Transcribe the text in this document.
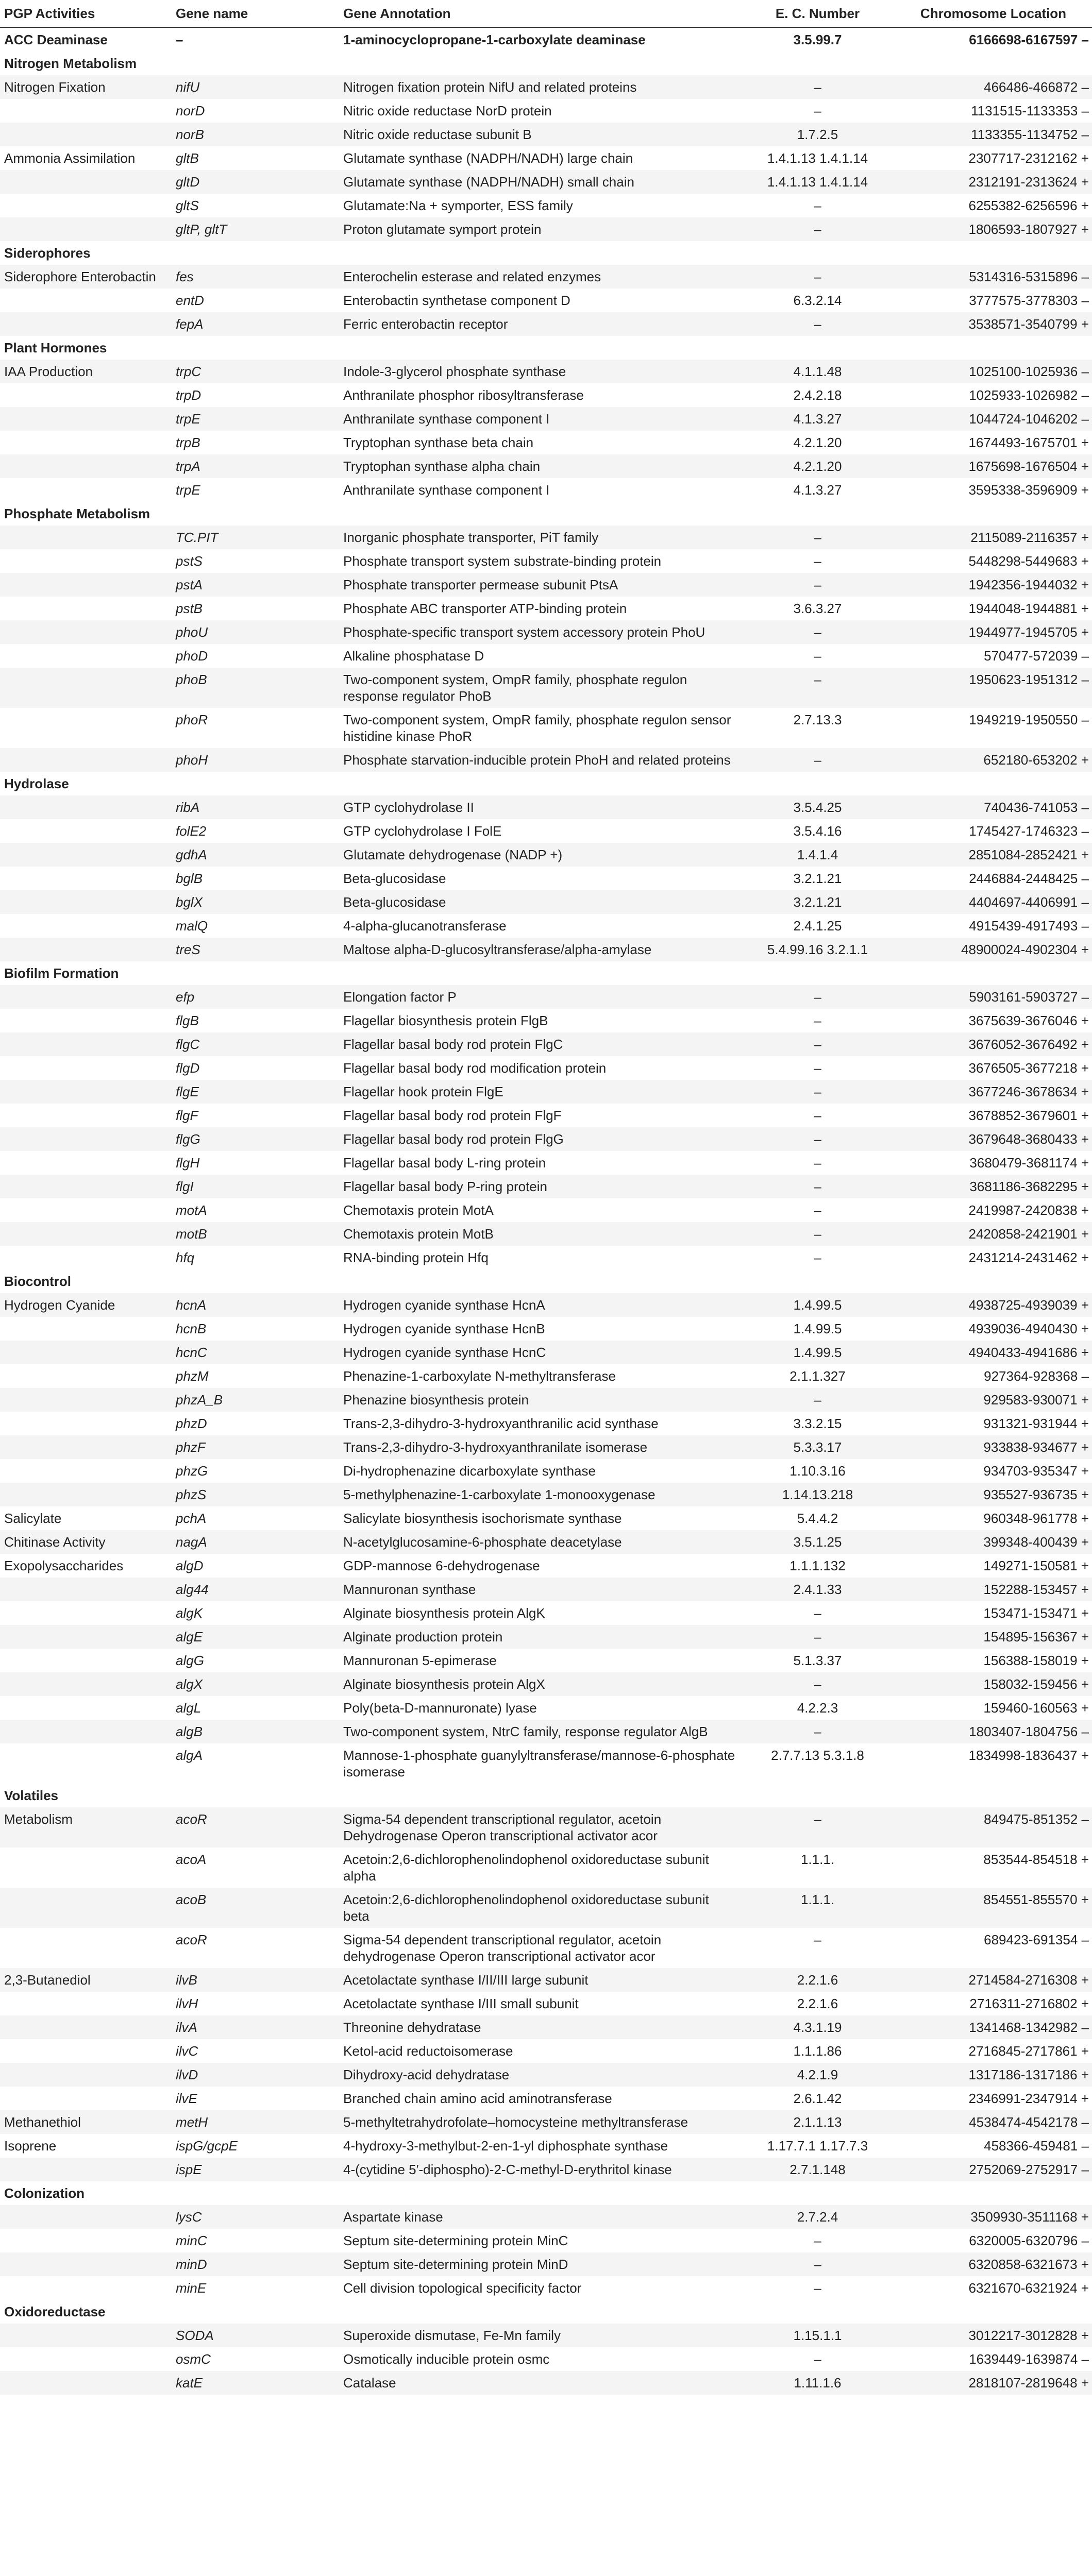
PGP Activities	Gene name	Gene Annotation	E. C. Number	Chromosome Location
ACC Deaminase	–	1-aminocyclopropane-1-carboxylate deaminase	3.5.99.7	6166698-6167597 –
Nitrogen Metabolism				
Nitrogen Fixation	nifU	Nitrogen fixation protein NifU and related proteins	–	466486-466872 –
	norD	Nitric oxide reductase NorD protein	–	1131515-1133353 –
	norB	Nitric oxide reductase subunit B	1.7.2.5	1133355-1134752 –
Ammonia Assimilation	gltB	Glutamate synthase (NADPH/NADH) large chain	1.4.1.13 1.4.1.14	2307717-2312162 +
	gltD	Glutamate synthase (NADPH/NADH) small chain	1.4.1.13 1.4.1.14	2312191-2313624 +
	gltS	Glutamate:Na + symporter, ESS family	–	6255382-6256596 +
	gltP, gltT	Proton glutamate symport protein	–	1806593-1807927 +
Siderophores				
Siderophore Enterobactin	fes	Enterochelin esterase and related enzymes	–	5314316-5315896 –
	entD	Enterobactin synthetase component D	6.3.2.14	3777575-3778303 –
	fepA	Ferric enterobactin receptor	–	3538571-3540799 +
Plant Hormones				
IAA Production	trpC	Indole-3-glycerol phosphate synthase	4.1.1.48	1025100-1025936 –
	trpD	Anthranilate phosphor ribosyltransferase	2.4.2.18	1025933-1026982 –
	trpE	Anthranilate synthase component I	4.1.3.27	1044724-1046202 –
	trpB	Tryptophan synthase beta chain	4.2.1.20	1674493-1675701 +
	trpA	Tryptophan synthase alpha chain	4.2.1.20	1675698-1676504 +
	trpE	Anthranilate synthase component I	4.1.3.27	3595338-3596909 +
Phosphate Metabolism				
	TC.PIT	Inorganic phosphate transporter, PiT family	–	2115089-2116357 +
	pstS	Phosphate transport system substrate-binding protein	–	5448298-5449683 +
	pstA	Phosphate transporter permease subunit PtsA	–	1942356-1944032 +
	pstB	Phosphate ABC transporter ATP-binding protein	3.6.3.27	1944048-1944881 +
	phoU	Phosphate-specific transport system accessory protein PhoU	–	1944977-1945705 +
	phoD	Alkaline phosphatase D	–	570477-572039 –
	phoB	Two-component system, OmpR family, phosphate regulon response regulator PhoB	–	1950623-1951312 –
	phoR	Two-component system, OmpR family, phosphate regulon sensor histidine kinase PhoR	2.7.13.3	1949219-1950550 –
	phoH	Phosphate starvation-inducible protein PhoH and related proteins	–	652180-653202 +
Hydrolase				
	ribA	GTP cyclohydrolase II	3.5.4.25	740436-741053 –
	folE2	GTP cyclohydrolase I FolE	3.5.4.16	1745427-1746323 –
	gdhA	Glutamate dehydrogenase (NADP +)	1.4.1.4	2851084-2852421 +
	bglB	Beta-glucosidase	3.2.1.21	2446884-2448425 –
	bglX	Beta-glucosidase	3.2.1.21	4404697-4406991 –
	malQ	4-alpha-glucanotransferase	2.4.1.25	4915439-4917493 –
	treS	Maltose alpha-D-glucosyltransferase/alpha-amylase	5.4.99.16 3.2.1.1	48900024-4902304 +
Biofilm Formation				
	efp	Elongation factor P	–	5903161-5903727 –
	flgB	Flagellar biosynthesis protein FlgB	–	3675639-3676046 +
	flgC	Flagellar basal body rod protein FlgC	–	3676052-3676492 +
	flgD	Flagellar basal body rod modification protein	–	3676505-3677218 +
	flgE	Flagellar hook protein FlgE	–	3677246-3678634 +
	flgF	Flagellar basal body rod protein FlgF	–	3678852-3679601 +
	flgG	Flagellar basal body rod protein FlgG	–	3679648-3680433 +
	flgH	Flagellar basal body L-ring protein	–	3680479-3681174 +
	flgI	Flagellar basal body P-ring protein	–	3681186-3682295 +
	motA	Chemotaxis protein MotA	–	2419987-2420838 +
	motB	Chemotaxis protein MotB	–	2420858-2421901 +
	hfq	RNA-binding protein Hfq	–	2431214-2431462 +
Biocontrol				
Hydrogen Cyanide	hcnA	Hydrogen cyanide synthase HcnA	1.4.99.5	4938725-4939039 +
	hcnB	Hydrogen cyanide synthase HcnB	1.4.99.5	4939036-4940430 +
	hcnC	Hydrogen cyanide synthase HcnC	1.4.99.5	4940433-4941686 +
	phzM	Phenazine-1-carboxylate N-methyltransferase	2.1.1.327	927364-928368 –
	phzA_B	Phenazine biosynthesis protein	–	929583-930071 +
	phzD	Trans-2,3-dihydro-3-hydroxyanthranilic acid synthase	3.3.2.15	931321-931944 +
	phzF	Trans-2,3-dihydro-3-hydroxyanthranilate isomerase	5.3.3.17	933838-934677 +
	phzG	Di-hydrophenazine dicarboxylate synthase	1.10.3.16	934703-935347 +
	phzS	5-methylphenazine-1-carboxylate 1-monooxygenase	1.14.13.218	935527-936735 +
Salicylate	pchA	Salicylate biosynthesis isochorismate synthase	5.4.4.2	960348-961778 +
Chitinase Activity	nagA	N-acetylglucosamine-6-phosphate deacetylase	3.5.1.25	399348-400439 +
Exopolysaccharides	algD	GDP-mannose 6-dehydrogenase	1.1.1.132	149271-150581 +
	alg44	Mannuronan synthase	2.4.1.33	152288-153457 +
	algK	Alginate biosynthesis protein AlgK	–	153471-153471 +
	algE	Alginate production protein	–	154895-156367 +
	algG	Mannuronan 5-epimerase	5.1.3.37	156388-158019 +
	algX	Alginate biosynthesis protein AlgX	–	158032-159456 +
	algL	Poly(beta-D-mannuronate) lyase	4.2.2.3	159460-160563 +
	algB	Two-component system, NtrC family, response regulator AlgB	–	1803407-1804756 –
	algA	Mannose-1-phosphate guanylyltransferase/mannose-6-phosphate isomerase	2.7.7.13 5.3.1.8	1834998-1836437 +
Volatiles				
Metabolism	acoR	Sigma-54 dependent transcriptional regulator, acetoin Dehydrogenase Operon transcriptional activator acor	–	849475-851352 –
	acoA	Acetoin:2,6-dichlorophenolindophenol oxidoreductase subunit alpha	1.1.1.	853544-854518 +
	acoB	Acetoin:2,6-dichlorophenolindophenol oxidoreductase subunit beta	1.1.1.	854551-855570 +
	acoR	Sigma-54 dependent transcriptional regulator, acetoin dehydrogenase Operon transcriptional activator acor	–	689423-691354 –
2,3-Butanediol	ilvB	Acetolactate synthase I/II/III large subunit	2.2.1.6	2714584-2716308 +
	ilvH	Acetolactate synthase I/III small subunit	2.2.1.6	2716311-2716802 +
	ilvA	Threonine dehydratase	4.3.1.19	1341468-1342982 –
	ilvC	Ketol-acid reductoisomerase	1.1.1.86	2716845-2717861 +
	ilvD	Dihydroxy-acid dehydratase	4.2.1.9	1317186-1317186 +
	ilvE	Branched chain amino acid aminotransferase	2.6.1.42	2346991-2347914 +
Methanethiol	metH	5-methyltetrahydrofolate–homocysteine methyltransferase	2.1.1.13	4538474-4542178 –
Isoprene	ispG/gcpE	4-hydroxy-3-methylbut-2-en-1-yl diphosphate synthase	1.17.7.1 1.17.7.3	458366-459481 –
	ispE	4-(cytidine 5′-diphospho)-2-C-methyl-D-erythritol kinase	2.7.1.148	2752069-2752917 –
Colonization				
	lysC	Aspartate kinase	2.7.2.4	3509930-3511168 +
	minC	Septum site-determining protein MinC	–	6320005-6320796 –
	minD	Septum site-determining protein MinD	–	6320858-6321673 +
	minE	Cell division topological specificity factor	–	6321670-6321924 +
Oxidoreductase				
	SODA	Superoxide dismutase, Fe-Mn family	1.15.1.1	3012217-3012828 +
	osmC	Osmotically inducible protein osmc	–	1639449-1639874 –
	katE	Catalase	1.11.1.6	2818107-2819648 +
